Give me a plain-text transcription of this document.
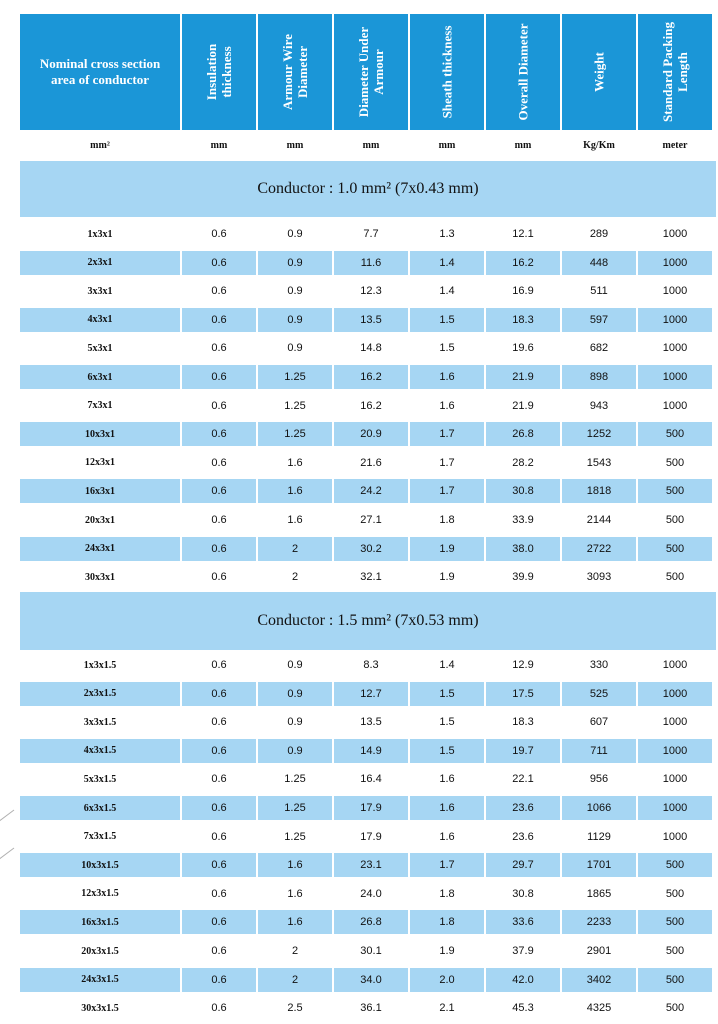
Nominal cross section area of conductor	Insulation thickness	Armour Wire Diameter	Diameter Under Armour	Sheath thickness	Overall Diameter	Weight	Standard Packing Length
mm²	mm	mm	mm	mm	mm	Kg/Km	meter
Conductor : 1.0 mm² (7x0.43 mm)
1x3x1	0.6	0.9	7.7	1.3	12.1	289	1000
2x3x1	0.6	0.9	11.6	1.4	16.2	448	1000
3x3x1	0.6	0.9	12.3	1.4	16.9	511	1000
4x3x1	0.6	0.9	13.5	1.5	18.3	597	1000
5x3x1	0.6	0.9	14.8	1.5	19.6	682	1000
6x3x1	0.6	1.25	16.2	1.6	21.9	898	1000
7x3x1	0.6	1.25	16.2	1.6	21.9	943	1000
10x3x1	0.6	1.25	20.9	1.7	26.8	1252	500
12x3x1	0.6	1.6	21.6	1.7	28.2	1543	500
16x3x1	0.6	1.6	24.2	1.7	30.8	1818	500
20x3x1	0.6	1.6	27.1	1.8	33.9	2144	500
24x3x1	0.6	2	30.2	1.9	38.0	2722	500
30x3x1	0.6	2	32.1	1.9	39.9	3093	500
Conductor : 1.5 mm² (7x0.53 mm)
1x3x1.5	0.6	0.9	8.3	1.4	12.9	330	1000
2x3x1.5	0.6	0.9	12.7	1.5	17.5	525	1000
3x3x1.5	0.6	0.9	13.5	1.5	18.3	607	1000
4x3x1.5	0.6	0.9	14.9	1.5	19.7	711	1000
5x3x1.5	0.6	1.25	16.4	1.6	22.1	956	1000
6x3x1.5	0.6	1.25	17.9	1.6	23.6	1066	1000
7x3x1.5	0.6	1.25	17.9	1.6	23.6	1129	1000
10x3x1.5	0.6	1.6	23.1	1.7	29.7	1701	500
12x3x1.5	0.6	1.6	24.0	1.8	30.8	1865	500
16x3x1.5	0.6	1.6	26.8	1.8	33.6	2233	500
20x3x1.5	0.6	2	30.1	1.9	37.9	2901	500
24x3x1.5	0.6	2	34.0	2.0	42.0	3402	500
30x3x1.5	0.6	2.5	36.1	2.1	45.3	4325	500
